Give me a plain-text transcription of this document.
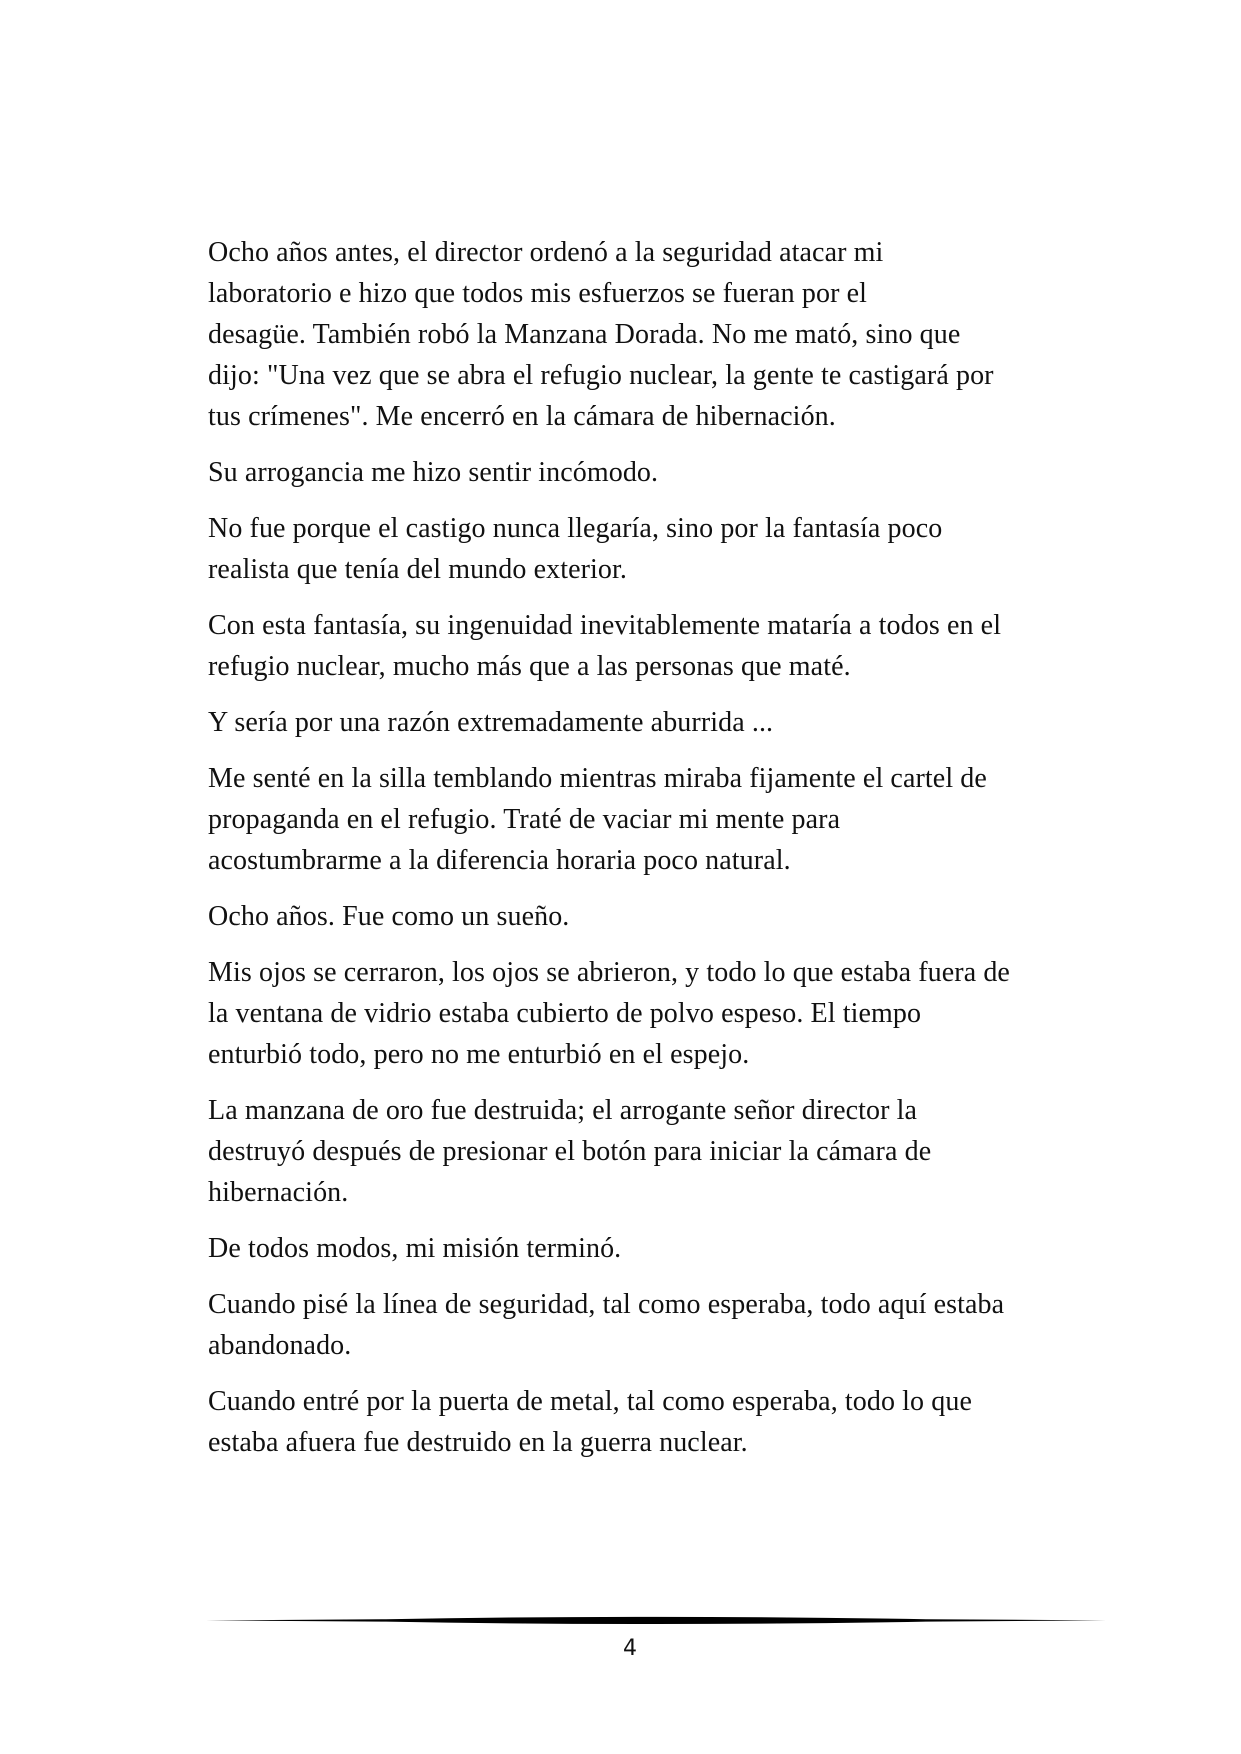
Ocho años antes, el director ordenó a la seguridad atacar mi
laboratorio e hizo que todos mis esfuerzos se fueran por el
desagüe. También robó la Manzana Dorada. No me mató, sino que
dijo: "Una vez que se abra el refugio nuclear, la gente te castigará por
tus crímenes". Me encerró en la cámara de hibernación.

Su arrogancia me hizo sentir incómodo.

No fue porque el castigo nunca llegaría, sino por la fantasía poco
realista que tenía del mundo exterior.

Con esta fantasía, su ingenuidad inevitablemente mataría a todos en el
refugio nuclear, mucho más que a las personas que maté.

Y sería por una razón extremadamente aburrida ...

Me senté en la silla temblando mientras miraba fijamente el cartel de
propaganda en el refugio. Traté de vaciar mi mente para
acostumbrarme a la diferencia horaria poco natural.

Ocho años. Fue como un sueño.

Mis ojos se cerraron, los ojos se abrieron, y todo lo que estaba fuera de
la ventana de vidrio estaba cubierto de polvo espeso. El tiempo
enturbió todo, pero no me enturbió en el espejo.

La manzana de oro fue destruida; el arrogante señor director la
destruyó después de presionar el botón para iniciar la cámara de
hibernación.

De todos modos, mi misión terminó.

Cuando pisé la línea de seguridad, tal como esperaba, todo aquí estaba
abandonado.

Cuando entré por la puerta de metal, tal como esperaba, todo lo que
estaba afuera fue destruido en la guerra nuclear.

4
